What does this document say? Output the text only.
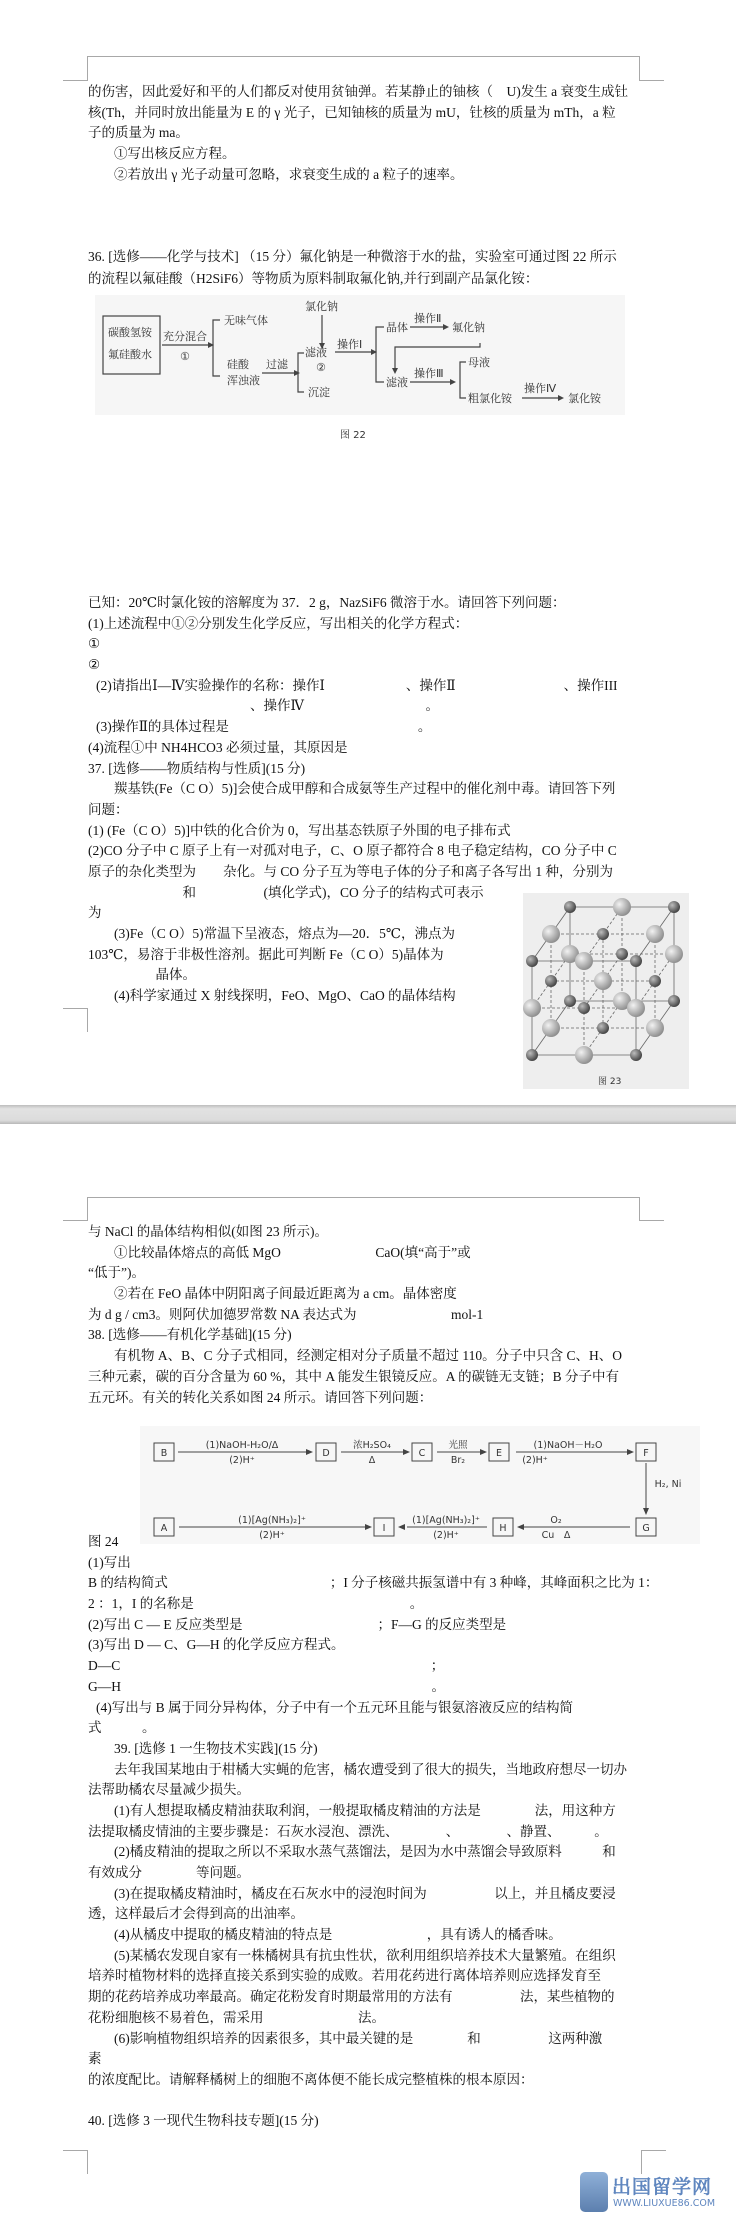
的伤害，因此爱好和平的人们都反对使用贫铀弹。若某静止的铀核（　U)发生 a 衰变生成钍
核(Th，并同时放出能量为 E 的 γ 光子，已知铀核的质量为 mU，钍核的质量为 mTh，a 粒
子的质量为 ma。
①写出核反应方程。
②若放出 γ 光子动量可忽略，求衰变生成的 a 粒子的速率。
36. [选修——化学与技术] （15 分）氟化钠是一种微溶于水的盐，实验室可通过图 22 所示
的流程以氟硅酸（H2SiF6）等物质为原料制取氟化钠,并行到副产品氯化铵：
碳酸氢铵
氟硅酸水
充分混合
①
无味气体
硅酸
浑浊液
过滤
氯化钠
滤液
②
沉淀
操作Ⅰ
晶体
操作Ⅱ
氟化钠
母液
滤液
操作Ⅲ
粗氯化铵
操作Ⅳ
氯化铵
图 22
已知：20℃时氯化铵的溶解度为 37．2 g，NazSiF6 微溶于水。请回答下列问题：
(1)上述流程中①②分别发生化学反应，写出相关的化学方程式：
①
②
(2)请指出Ⅰ—Ⅳ实验操作的名称：操作Ⅰ　　　　　　、操作Ⅱ　　　　　　　　、操作III
　　　　　　　　　　　　、操作Ⅳ　　　　　　　　　。
(3)操作Ⅱ的具体过程是　　　　　　　　　　　　　　。
(4)流程①中 NH4HCO3 必须过量，其原因是
37. [选修——物质结构与性质](15 分)
羰基铁(Fe（C O）5)]会使合成甲醇和合成氨等生产过程中的催化剂中毒。请回答下列
问题：
(1) (Fe（C O）5)]中铁的化合价为 0，写出基态铁原子外围的电子排布式
(2)CO 分子中 C 原子上有一对孤对电子，C、O 原子都符合 8 电子稳定结构，CO 分子中 C
原子的杂化类型为　　杂化。与 CO 分子互为等电子体的分子和离子各写出 1 种，分别为
　　　　　　　和　　　　　(填化学式)，CO 分子的结构式可表示
为
(3)Fe（C O）5)常温下呈液态，熔点为—20．5℃，沸点为
103℃，易溶于非极性溶剂。据此可判断 Fe（C O）5)晶体为
　　　　　晶体。
(4)科学家通过 X 射线探明，FeO、MgO、CaO 的晶体结构
图 23
与 NaCl 的晶体结构相似(如图 23 所示)。
①比较晶体熔点的高低 MgO　　　　　　　CaO(填“高于”或
“低于”)。
②若在 FeO 晶体中阴阳离子间最近距离为 a cm。晶体密度
为 d g / cm3。则阿伏加德罗常数 NA 表达式为　　　　　　　mol-1
38. [选修——有机化学基础](15 分)
有机物 A、B、C 分子式相同，经测定相对分子质量不超过 110。分子中只含 C、H、O
三种元素，碳的百分含量为 60 %，其中 A 能发生银镜反应。A 的碳链无支链；B 分子中有
五元环。有关的转化关系如图 24 所示。请回答下列问题：
B	D	C	E	F
A	I	H	G
(1)NaOH-H₂O/Δ
(2)H⁺
浓H₂SO₄
Δ
光照
Br₂
(1)NaOH－H₂O
(2)H⁺
H₂, Ni
(1)[Ag(NH₃)₂]⁺
(2)H⁺
(1)[Ag(NH₃)₂]⁺
(2)H⁺
O₂
Cu　Δ
图 24
(1)写出
B 的结构简式　　　　　　　　　　　　；I 分子核磁共振氢谱中有 3 种峰，其峰面积之比为 1：
2 ：1，I 的名称是　　　　　　　　　　　　　　　　。
(2)写出 C — E 反应类型是　　　　　　　　　　；F—G 的反应类型是
(3)写出 D — C、G—H 的化学反应方程式。
D—C　　　　　　　　　　　　　　　　　　　　　　　；
G—H　　　　　　　　　　　　　　　　　　　　　　　。
(4)写出与 B 属于同分异构体，分子中有一个五元环且能与银氨溶液反应的结构简
式　　　。
39. [选修 1 一生物技术实践](15 分)
去年我国某地由于柑橘大实蝇的危害，橘农遭受到了很大的损失，当地政府想尽一切办
法帮助橘农尽量减少损失。
(1)有人想提取橘皮精油获取利润，一般提取橘皮精油的方法是　　　　法，用这种方
法提取橘皮情油的主要步骤是：石灰水浸泡、漂洗、　　　　、　　　　、静置、　　　。
(2)橘皮精油的提取之所以不采取水蒸气蒸馏法，是因为水中蒸馏会导致原料　　　和
有效成分　　　　等问题。
(3)在提取橘皮精油时，橘皮在石灰水中的浸泡时间为　　　　　以上，并且橘皮要浸
透，这样最后才会得到高的出油率。
(4)从橘皮中提取的橘皮精油的特点是　　　　　　　，具有诱人的橘香味。
(5)某橘农发现自家有一株橘树具有抗虫性状，欲利用组织培养技术大量繁殖。在组织
培养时植物材料的选择直接关系到实验的成败。若用花药进行离体培养则应选择发育至
期的花药培养成功率最高。确定花粉发育时期最常用的方法有　　　　　法，某些植物的
花粉细胞核不易着色，需采用　　　　　　　法。
(6)影响植物组织培养的因素很多，其中最关键的是　　　　和　　　　　这两种激
素
的浓度配比。请解释橘树上的细胞不离体便不能长成完整植株的根本原因：
40. [选修 3 一现代生物科技专题](15 分)
出国留学网
WWW.LIUXUE86.COM
